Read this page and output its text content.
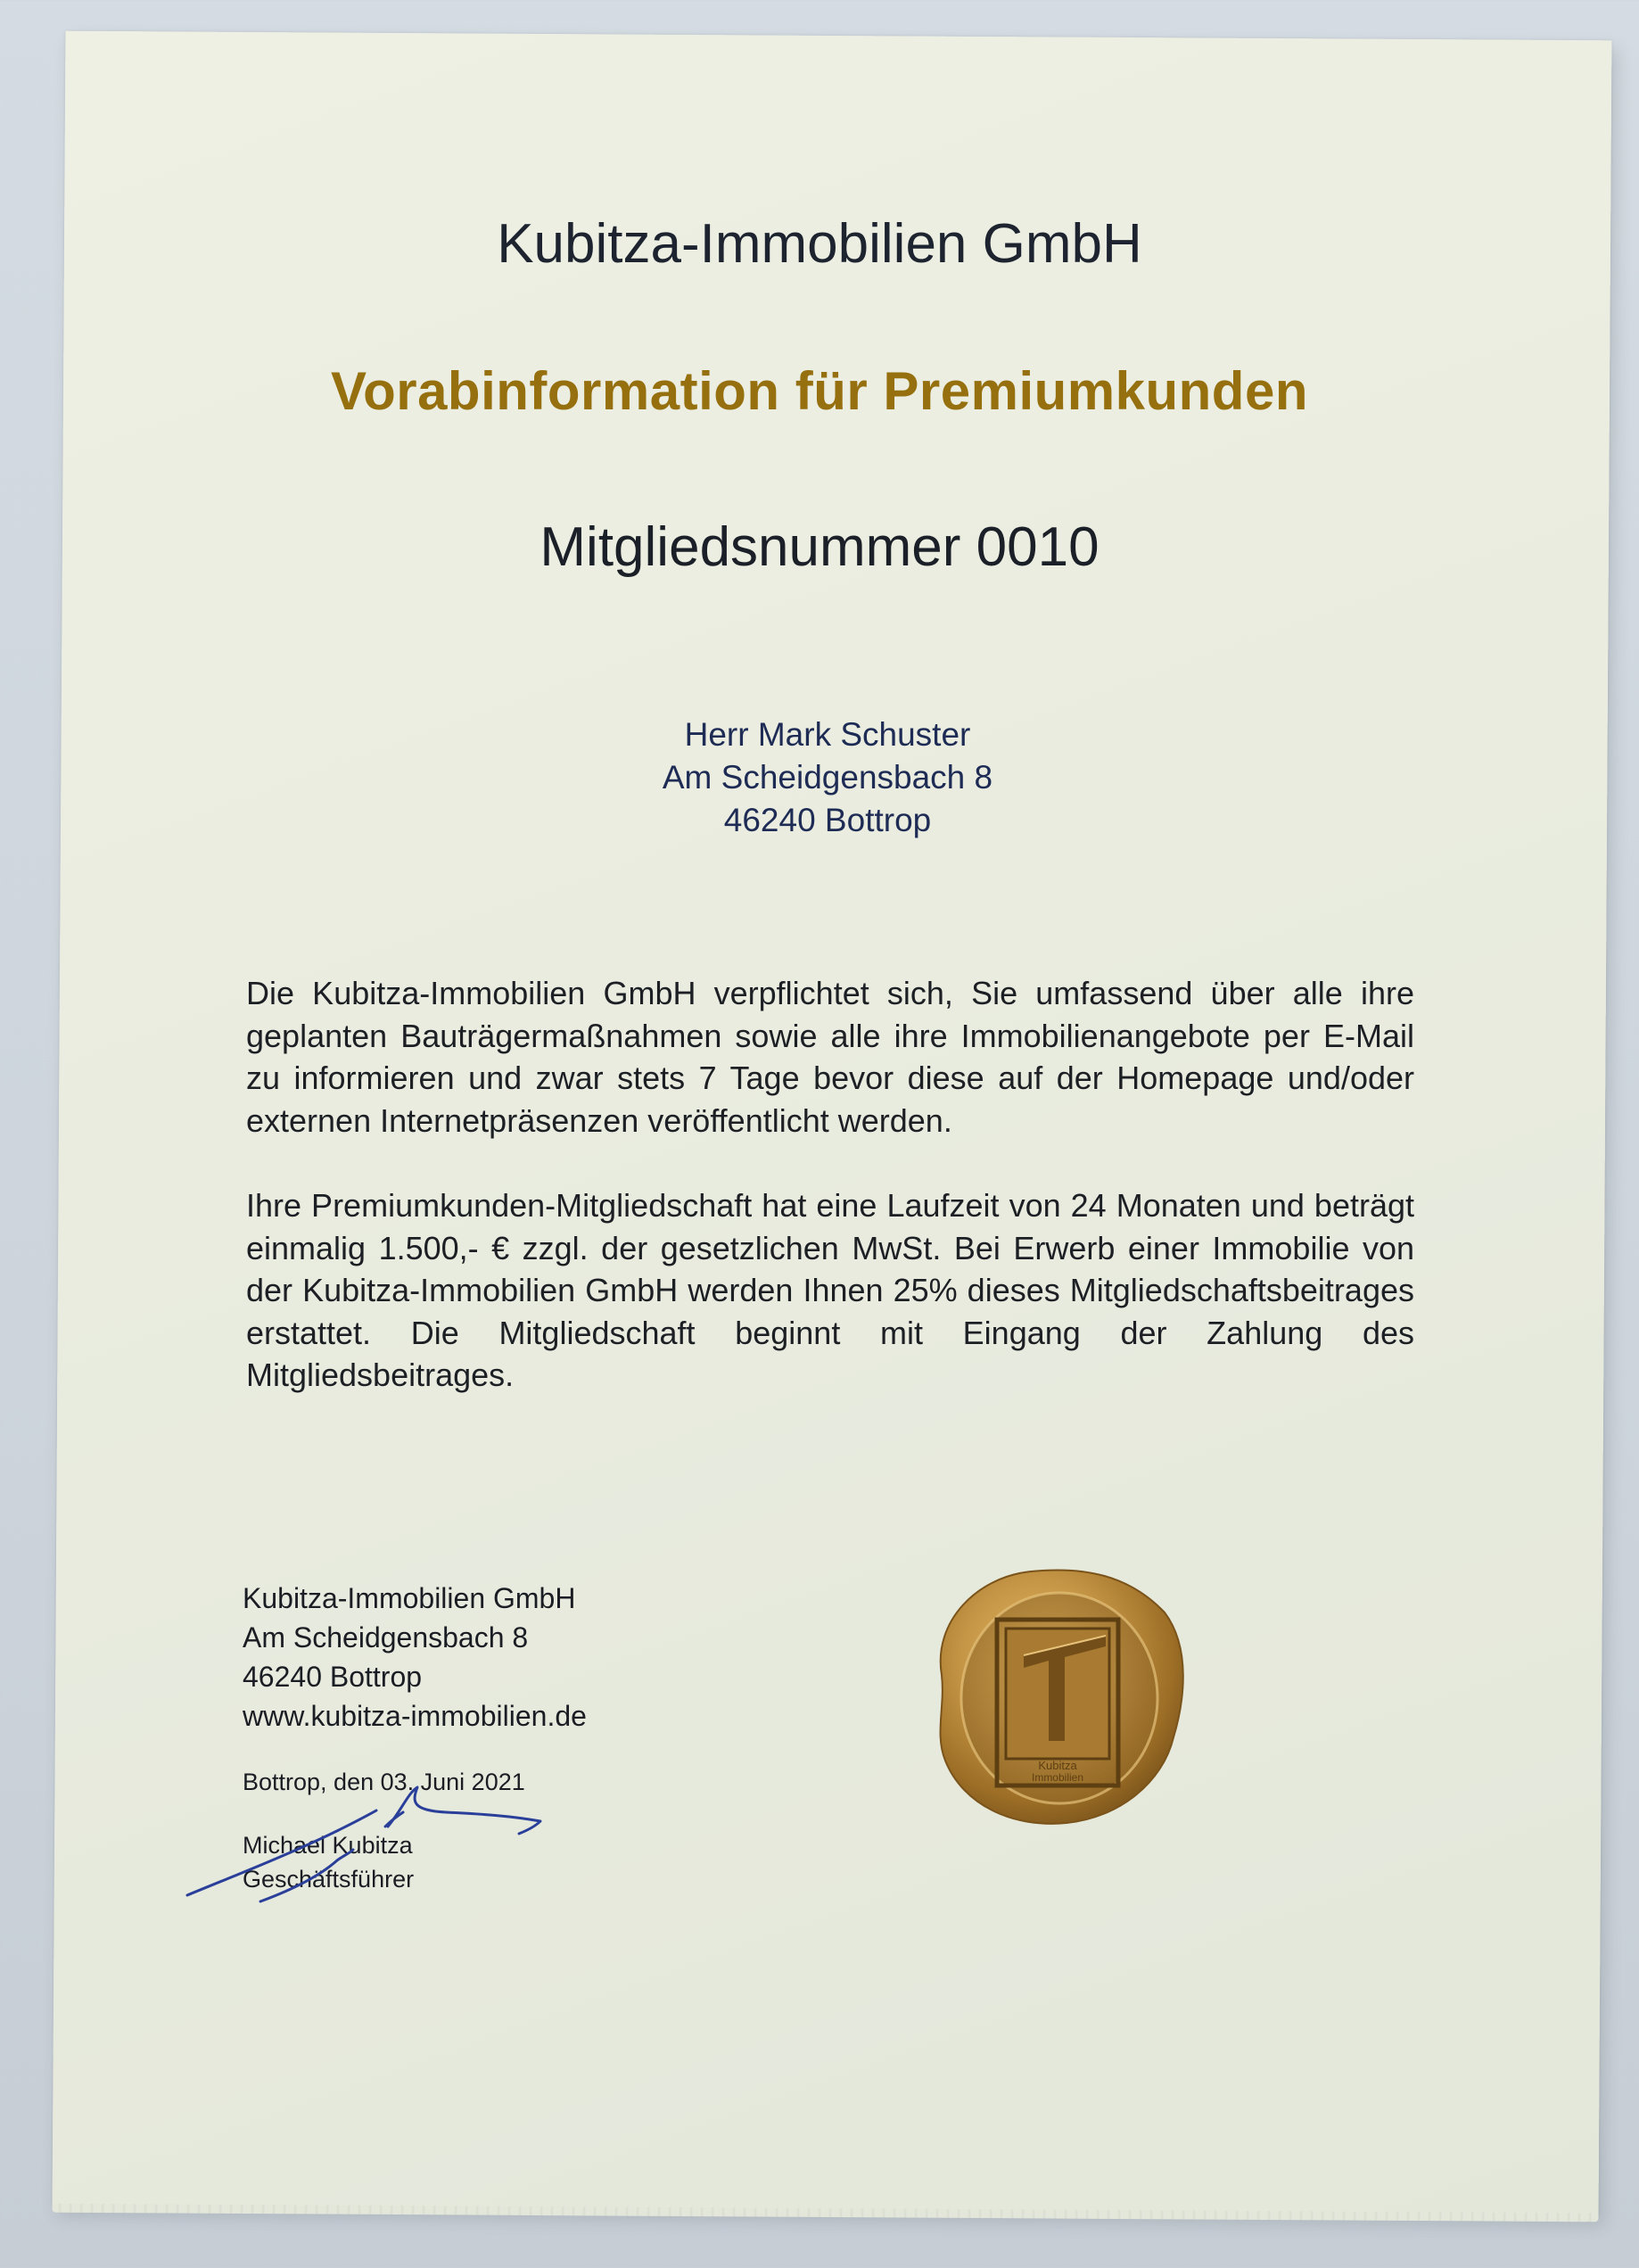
Kubitza-Immobilien GmbH
Vorabinformation für Premiumkunden
Mitgliedsnummer 0010
Herr Mark Schuster
Am Scheidgensbach 8
46240 Bottrop

Die Kubitza-Immobilien GmbH verpflichtet sich, Sie umfassend über alle ihre geplanten Bauträgermaßnahmen sowie alle ihre Immobilienangebote per E-Mail zu informieren und zwar stets 7 Tage bevor diese auf der Homepage und/oder externen Internetpräsenzen veröffentlicht werden.

Ihre Premiumkunden-Mitgliedschaft hat eine Laufzeit von 24 Monaten und beträgt einmalig 1.500,- € zzgl. der gesetzlichen MwSt. Bei Erwerb einer Immobilie von der Kubitza-Immobilien GmbH werden Ihnen 25% dieses Mitgliedschaftsbeitrages erstattet. Die Mitgliedschaft beginnt mit Eingang der Zahlung des Mitgliedsbeitrages.

Kubitza-Immobilien GmbH
Am Scheidgensbach 8
46240 Bottrop
www.kubitza-immobilien.de
Bottrop, den 03. Juni 2021
Michael Kubitza
Geschäftsführer
Kubitza
Immobilien
